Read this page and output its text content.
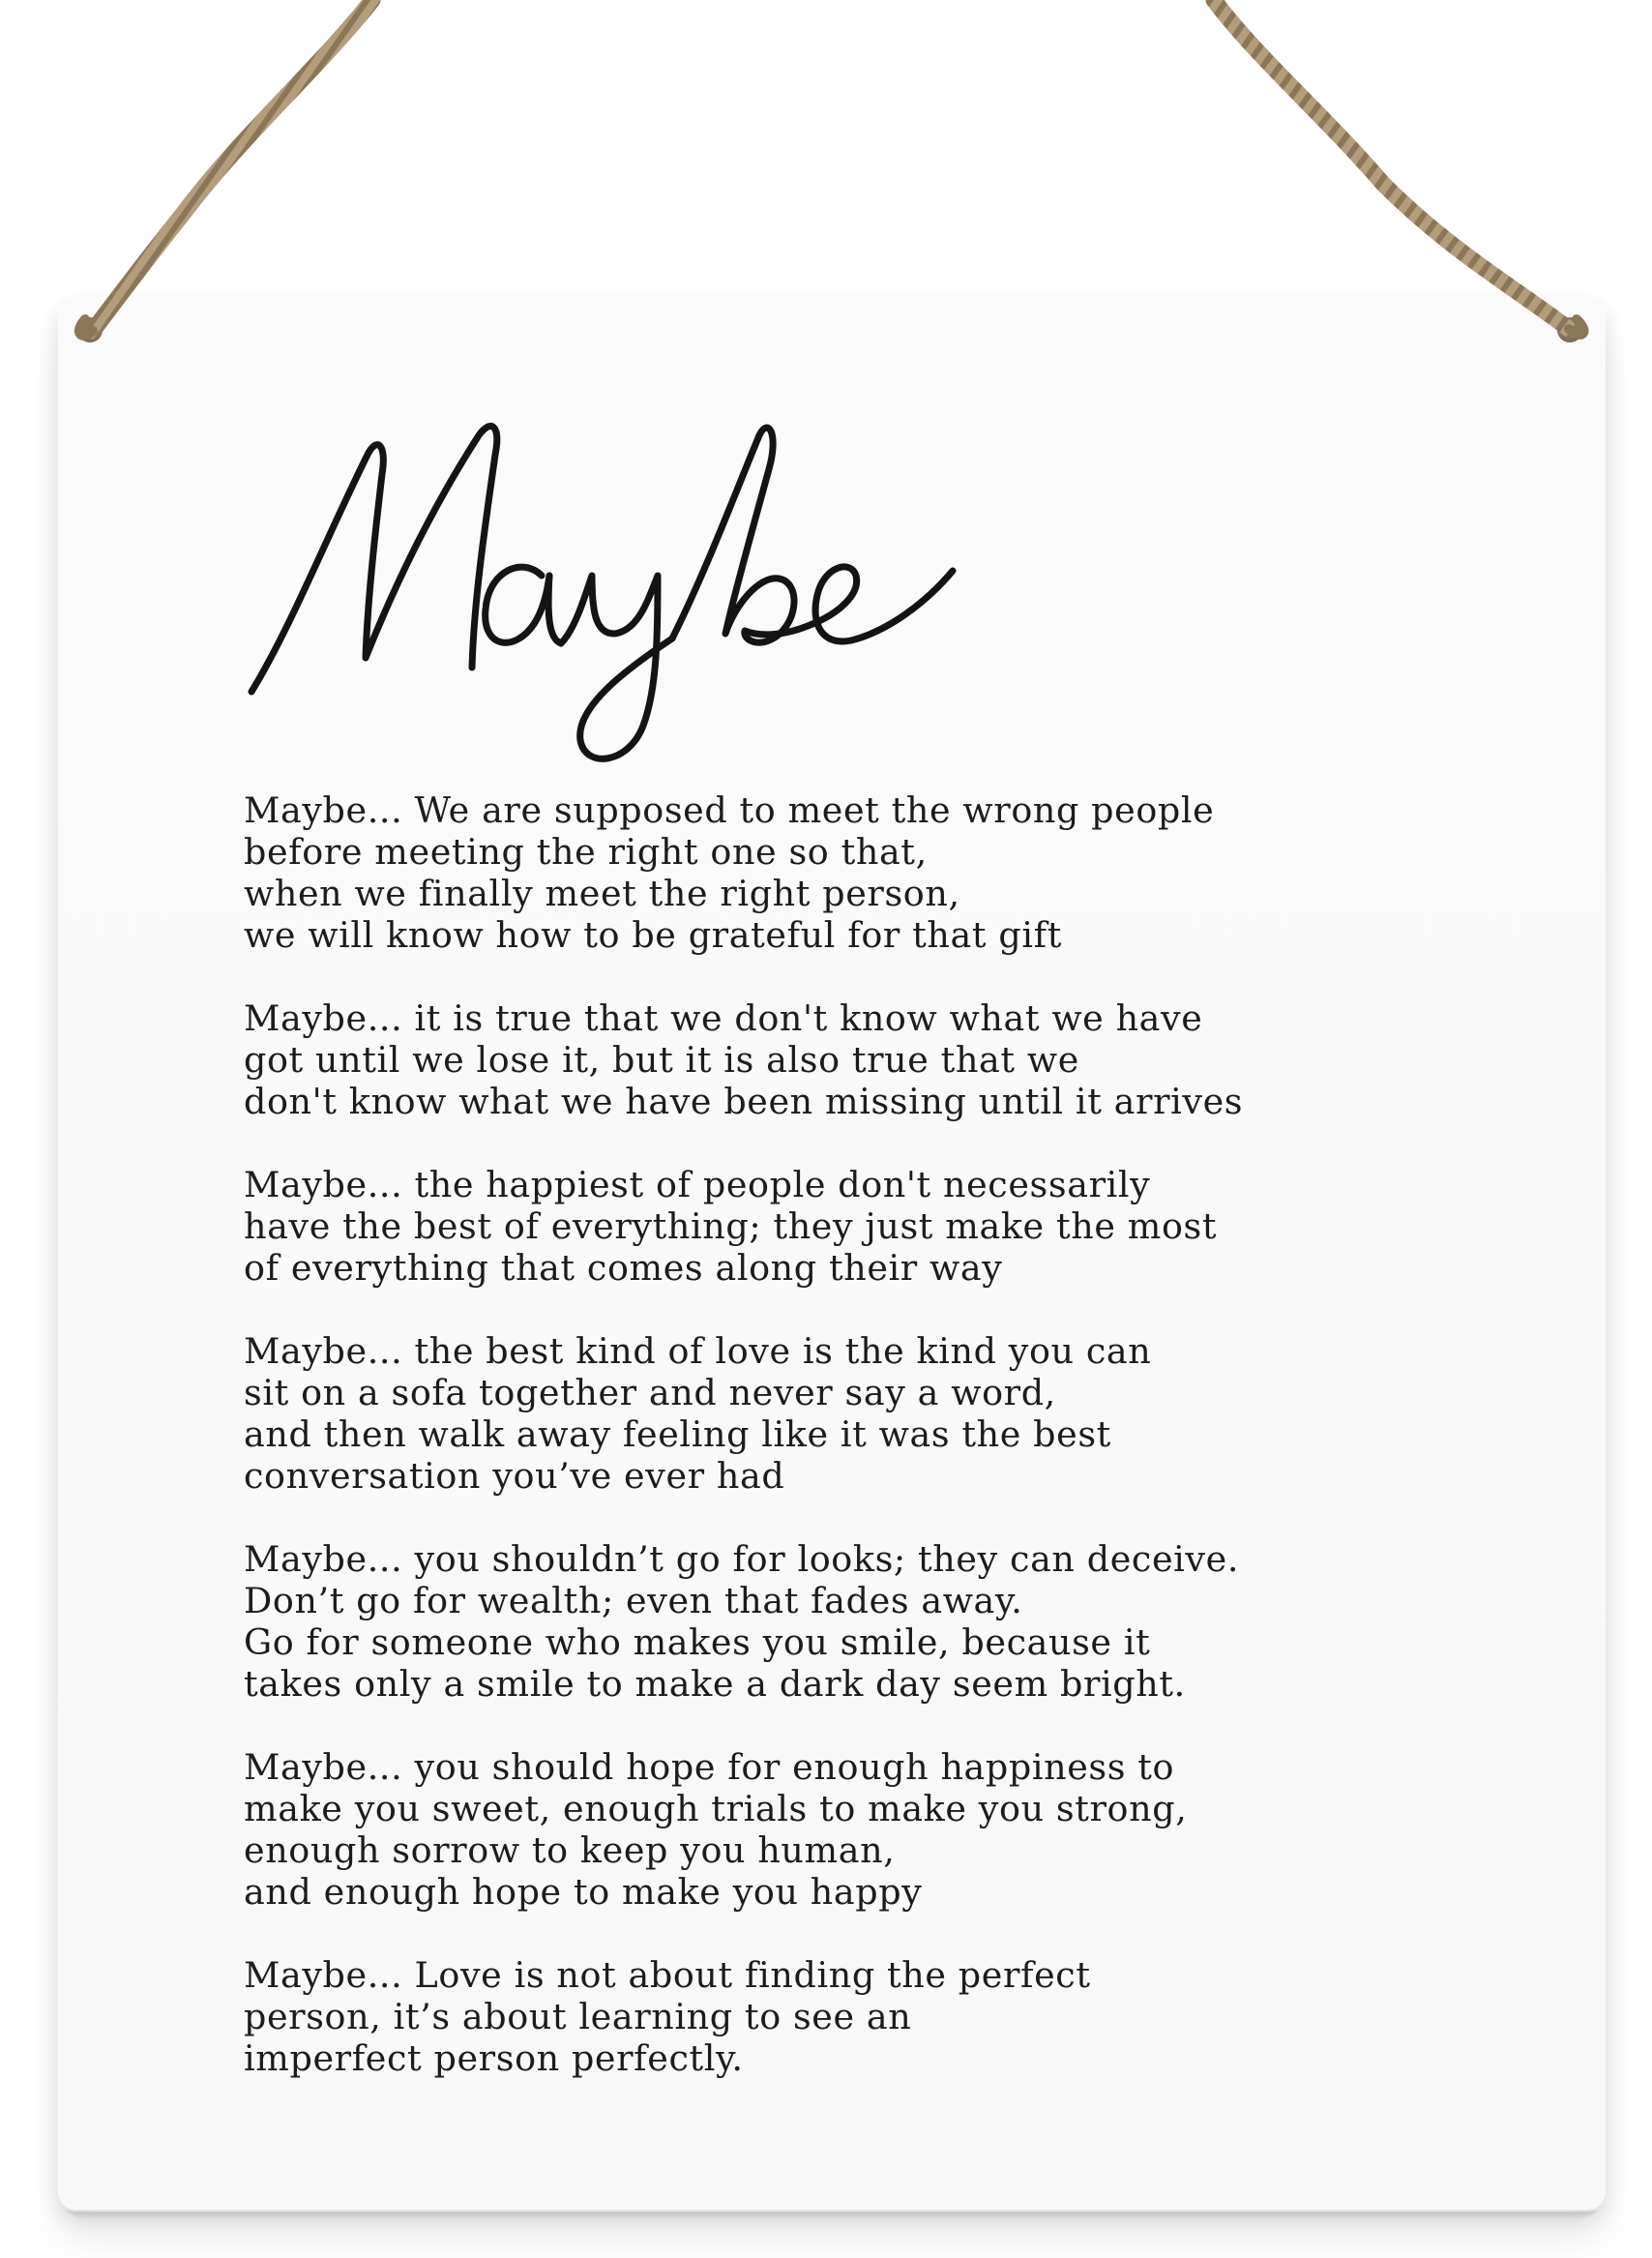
Maybe... We are supposed to meet the wrong people
before meeting the right one so that,
when we finally meet the right person,
we will know how to be grateful for that gift
Maybe... it is true that we don't know what we have
got until we lose it, but it is also true that we
don't know what we have been missing until it arrives
Maybe... the happiest of people don't necessarily
have the best of everything; they just make the most
of everything that comes along their way
Maybe... the best kind of love is the kind you can
sit on a sofa together and never say a word,
and then walk away feeling like it was the best
conversation you’ve ever had
Maybe... you shouldn’t go for looks; they can deceive.
Don’t go for wealth; even that fades away.
Go for someone who makes you smile, because it
takes only a smile to make a dark day seem bright.
Maybe... you should hope for enough happiness to
make you sweet, enough trials to make you strong,
enough sorrow to keep you human,
and enough hope to make you happy
Maybe... Love is not about finding the perfect
person, it’s about learning to see an
imperfect person perfectly.
